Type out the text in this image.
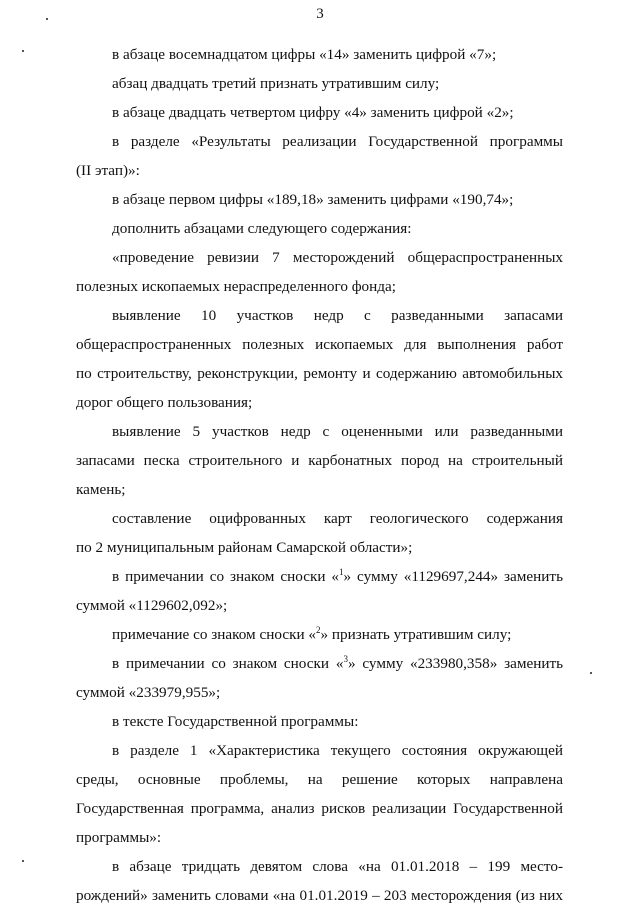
3
в абзаце восемнадцатом цифры «14» заменить цифрой «7»;
абзац двадцать третий признать утратившим силу;
в абзаце двадцать четвертом цифру «4» заменить цифрой «2»;
в разделе «Результаты реализации Государственной программы
(II этап)»:
в абзаце первом цифры «189,18» заменить цифрами «190,74»;
дополнить абзацами следующего содержания:
«проведение ревизии 7 месторождений общераспространенных
полезных ископаемых нераспределенного фонда;
выявление 10 участков недр с разведанными запасами
общераспространенных полезных ископаемых для выполнения работ
по строительству, реконструкции, ремонту и содержанию автомобильных
дорог общего пользования;
выявление 5 участков недр с оцененными или разведанными
запасами песка строительного и карбонатных пород на строительный
камень;
составление оцифрованных карт геологического содержания
по 2 муниципальным районам Самарской области»;
в примечании со знаком сноски «$^1$» сумму «1129697,244» заменить
суммой «1129602,092»;
примечание со знаком сноски «$^2$» признать утратившим силу;
в примечании со знаком сноски «$^3$» сумму «233980,358» заменить
суммой «233979,955»;
в тексте Государственной программы:
в разделе 1 «Характеристика текущего состояния окружающей
среды, основные проблемы, на решение которых направлена
Государственная программа, анализ рисков реализации Государственной
программы»:
в абзаце тридцать девятом слова «на 01.01.2018 – 199 место-
рождений» заменить словами «на 01.01.2019 – 203 месторождения (из них
